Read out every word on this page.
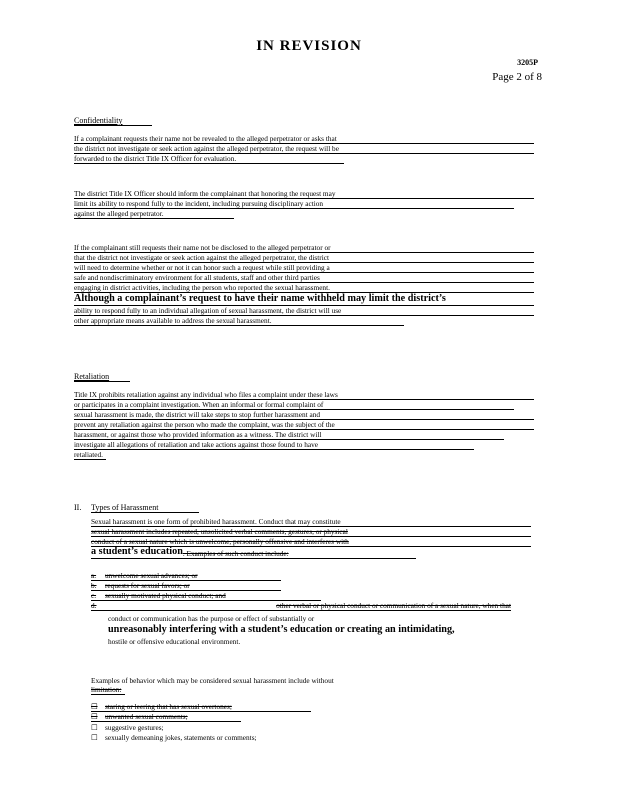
IN REVISION
3205P
Page 2 of 8
Confidentiality
If a complainant requests their name not be revealed to the alleged perpetrator or asks that
the district not investigate or seek action against the alleged perpetrator, the request will be
forwarded to the district Title IX Officer for evaluation.
The district Title IX Officer should inform the complainant that honoring the request may
limit its ability to respond fully to the incident, including pursuing disciplinary action
against the alleged perpetrator.
If the complainant still requests their name not be disclosed to the alleged perpetrator or
that the district not investigate or seek action against the alleged perpetrator, the district
will need to determine whether or not it can honor such a request while still providing a
safe and nondiscriminatory environment for all students, staff and other third parties
engaging in district activities, including the person who reported the sexual harassment.
Although a complainant’s request to have their name withheld may limit the district’s
ability to respond fully to an individual allegation of sexual harassment, the district will use
other appropriate means available to address the sexual harassment.
Retaliation
Title IX prohibits retaliation against any individual who files a complaint under these laws
or participates in a complaint investigation. When an informal or formal complaint of
sexual harassment is made, the district will take steps to stop further harassment and
prevent any retaliation against the person who made the complaint, was the subject of the
harassment, or against those who provided information as a witness. The district will
investigate all allegations of retaliation and take actions against those found to have
retaliated.
II. Types of Harassment
Sexual harassment is one form of prohibited harassment. Conduct that may constitute
sexual harassment includes repeated, unsolicited verbal comments, gestures, or physical
conduct of a sexual nature which is unwelcome, personally offensive and interferes with
a student’s education . Examples of such conduct include:
a.	unwelcome sexual advances; or
b.	requests for sexual favors; or
c.	sexually motivated physical conduct; and
d.	other verbal or physical conduct or communication of a sexual nature, when that
conduct or communication has the purpose or effect of substantially or
unreasonably interfering with a student’s education or creating an intimidating,
hostile or offensive educational environment.
Examples of behavior which may be considered sexual harassment include without
limitation:
☐	staring or leering that has sexual overtones;
☐	unwanted sexual comments;
☐	suggestive gestures;
☐	sexually demeaning jokes, statements or comments;
